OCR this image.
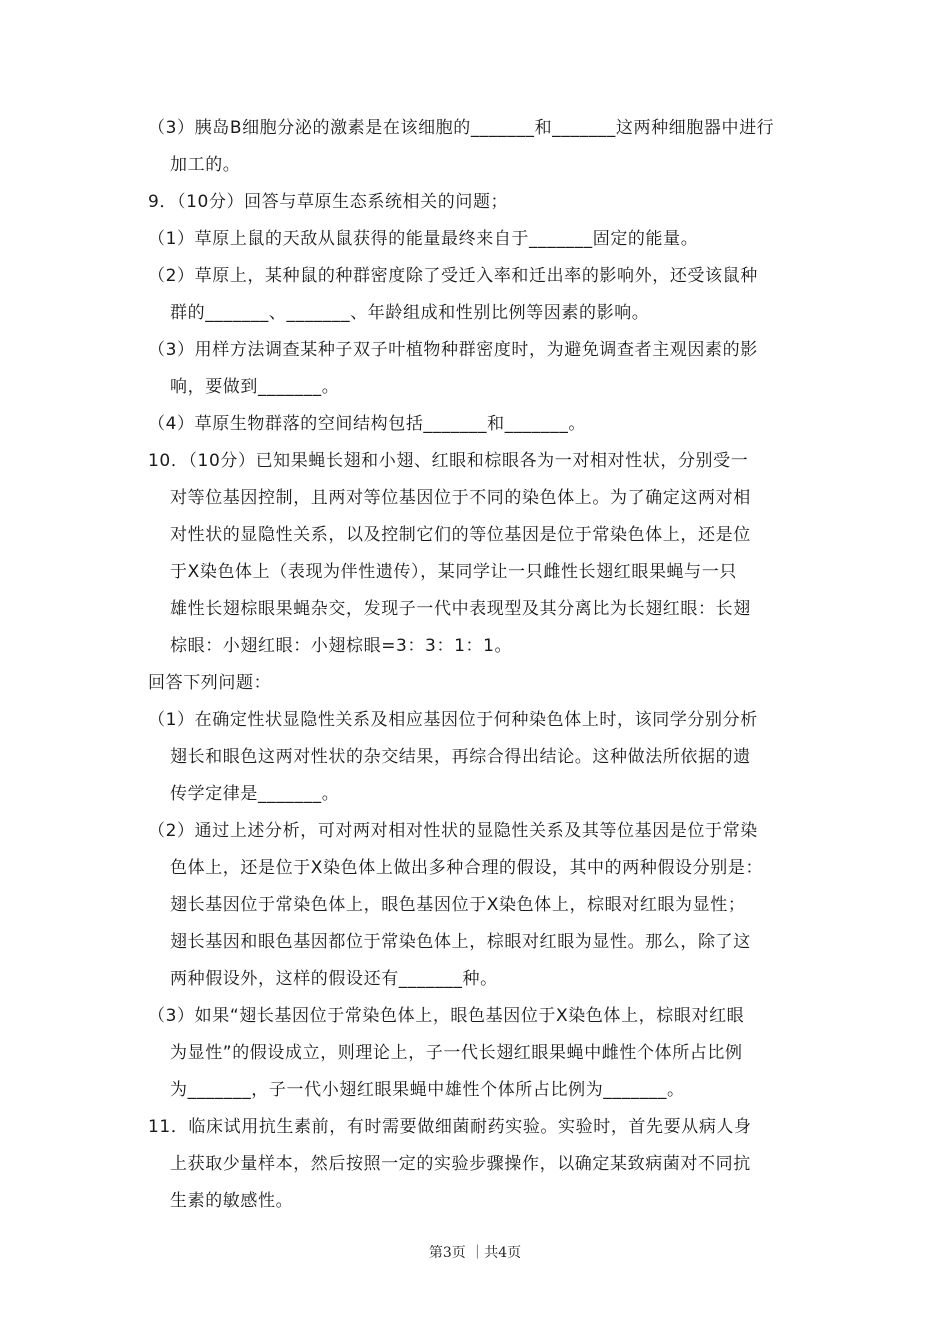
（3）胰岛B细胞分泌的激素是在该细胞的_______和_______这两种细胞器中进行
加工的。
9．（10分）回答与草原生态系统相关的问题；
（1）草原上鼠的天敌从鼠获得的能量最终来自于_______固定的能量。
（2）草原上，某种鼠的种群密度除了受迁入率和迁出率的影响外，还受该鼠种
群的_______、_______、年龄组成和性别比例等因素的影响。
（3）用样方法调查某种子双子叶植物种群密度时，为避免调查者主观因素的影
响，要做到_______。
（4）草原生物群落的空间结构包括_______和_______。
10．（10分）已知果蝇长翅和小翅、红眼和棕眼各为一对相对性状，分别受一
对等位基因控制，且两对等位基因位于不同的染色体上。为了确定这两对相
对性状的显隐性关系，以及控制它们的等位基因是位于常染色体上，还是位
于X染色体上（表现为伴性遗传），某同学让一只雌性长翅红眼果蝇与一只
雄性长翅棕眼果蝇杂交，发现子一代中表现型及其分离比为长翅红眼：长翅
棕眼：小翅红眼：小翅棕眼=3：3：1：1。
回答下列问题：
（1）在确定性状显隐性关系及相应基因位于何种染色体上时，该同学分别分析
翅长和眼色这两对性状的杂交结果，再综合得出结论。这种做法所依据的遗
传学定律是_______。
（2）通过上述分析，可对两对相对性状的显隐性关系及其等位基因是位于常染
色体上，还是位于X染色体上做出多种合理的假设，其中的两种假设分别是：
翅长基因位于常染色体上，眼色基因位于X染色体上，棕眼对红眼为显性；
翅长基因和眼色基因都位于常染色体上，棕眼对红眼为显性。那么，除了这
两种假设外，这样的假设还有_______种。
（3）如果“翅长基因位于常染色体上，眼色基因位于X染色体上，棕眼对红眼
为显性”的假设成立，则理论上，子一代长翅红眼果蝇中雌性个体所占比例
为_______，子一代小翅红眼果蝇中雄性个体所占比例为_______。
11．临床试用抗生素前，有时需要做细菌耐药实验。实验时，首先要从病人身
上获取少量样本，然后按照一定的实验步骤操作，以确定某致病菌对不同抗
生素的敏感性。
第3页 ｜共4页
